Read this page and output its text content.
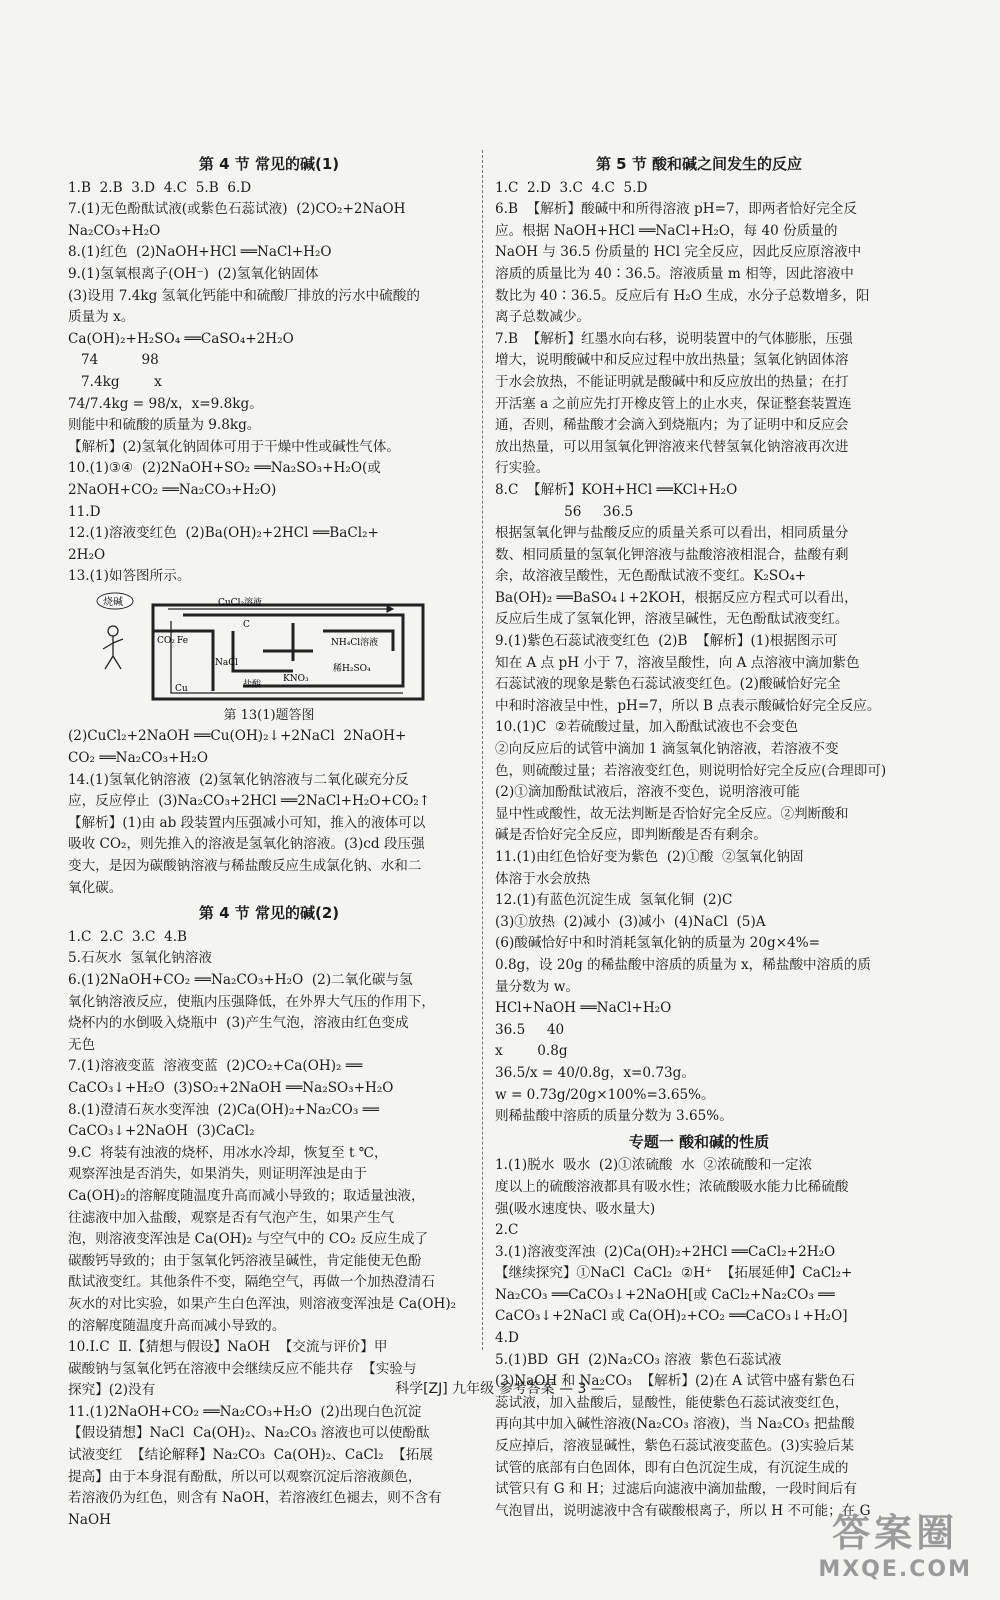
第 4 节 常见的碱(1)
1.B  2.B  3.D  4.C  5.B  6.D
7.(1)无色酚酞试液(或紫色石蕊试液)  (2)CO₂+2NaOH
Na₂CO₃+H₂O
8.(1)红色  (2)NaOH+HCl ══NaCl+H₂O
9.(1)氢氧根离子(OH⁻)  (2)氢氧化钠固体
(3)设用 7.4kg 氢氧化钙能中和硫酸厂排放的污水中硫酸的
质量为 x。
Ca(OH)₂+H₂SO₄ ══CaSO₄+2H₂O
74          98
7.4kg        x
74/7.4kg = 98/x，x=9.8kg。
则能中和硫酸的质量为 9.8kg。
【解析】(2)氢氧化钠固体可用于干燥中性或碱性气体。
10.(1)③④  (2)2NaOH+SO₂ ══Na₂SO₃+H₂O(或
2NaOH+CO₂ ══Na₂CO₃+H₂O)
11.D
12.(1)溶液变红色  (2)Ba(OH)₂+2HCl ══BaCl₂+
2H₂O
13.(1)如答图所示。
烧碱	CuCl₂溶液
C
CO₂ Fe	NH₄Cl溶液
NaCl
稀H₂SO₄
KNO₃
盐酸
Cu
第 13(1)题答图
(2)CuCl₂+2NaOH ══Cu(OH)₂↓+2NaCl  2NaOH+
CO₂ ══Na₂CO₃+H₂O
14.(1)氢氧化钠溶液  (2)氢氧化钠溶液与二氧化碳充分反
应，反应停止  (3)Na₂CO₃+2HCl ══2NaCl+H₂O+CO₂↑
【解析】(1)由 ab 段装置内压强减小可知，推入的液体可以
吸收 CO₂，则先推入的溶液是氢氧化钠溶液。(3)cd 段压强
变大，是因为碳酸钠溶液与稀盐酸反应生成氯化钠、水和二
氧化碳。
第 4 节 常见的碱(2)
1.C  2.C  3.C  4.B
5.石灰水  氢氧化钠溶液
6.(1)2NaOH+CO₂ ══Na₂CO₃+H₂O  (2)二氧化碳与氢
氧化钠溶液反应，使瓶内压强降低，在外界大气压的作用下，
烧杯内的水倒吸入烧瓶中  (3)产生气泡，溶液由红色变成
无色
7.(1)溶液变蓝  溶液变蓝  (2)CO₂+Ca(OH)₂ ══
CaCO₃↓+H₂O  (3)SO₂+2NaOH ══Na₂SO₃+H₂O
8.(1)澄清石灰水变浑浊  (2)Ca(OH)₂+Na₂CO₃ ══
CaCO₃↓+2NaOH  (3)CaCl₂
9.C  将装有浊液的烧杯，用冰水冷却，恢复至 t ℃，
观察浑浊是否消失，如果消失，则证明浑浊是由于
Ca(OH)₂的溶解度随温度升高而减小导致的；取适量浊液，
往滤液中加入盐酸，观察是否有气泡产生，如果产生气
泡，则溶液变浑浊是 Ca(OH)₂ 与空气中的 CO₂ 反应生成了
碳酸钙导致的；由于氢氧化钙溶液呈碱性，肯定能使无色酚
酞试液变红。其他条件不变，隔绝空气，再做一个加热澄清石
灰水的对比实验，如果产生白色浑浊，则溶液变浑浊是 Ca(OH)₂
的溶解度随温度升高而减小导致的。
10.Ⅰ.C  Ⅱ.【猜想与假设】NaOH  【交流与评价】甲
碳酸钠与氢氧化钙在溶液中会继续反应不能共存  【实验与
探究】(2)没有
11.(1)2NaOH+CO₂ ══Na₂CO₃+H₂O  (2)出现白色沉淀
【假设猜想】NaCl  Ca(OH)₂、Na₂CO₃ 溶液也可以使酚酞
试液变红  【结论解释】Na₂CO₃  Ca(OH)₂、CaCl₂  【拓展
提高】由于本身混有酚酞，所以可以观察沉淀后溶液颜色，
若溶液仍为红色，则含有 NaOH，若溶液红色褪去，则不含有
NaOH
第 5 节 酸和碱之间发生的反应
1.C  2.D  3.C  4.C  5.D
6.B  【解析】酸碱中和所得溶液 pH=7，即两者恰好完全反
应。根据 NaOH+HCl ══NaCl+H₂O，每 40 份质量的
NaOH 与 36.5 份质量的 HCl 完全反应，因此反应原溶液中
溶质的质量比为 40∶36.5。溶液质量 m 相等，因此溶液中
数比为 40∶36.5。反应后有 H₂O 生成，水分子总数增多，阳
离子总数减少。
7.B  【解析】红墨水向右移，说明装置中的气体膨胀，压强
增大，说明酸碱中和反应过程中放出热量；氢氧化钠固体溶
于水会放热，不能证明就是酸碱中和反应放出的热量；在打
开活塞 a 之前应先打开橡皮管上的止水夹，保证整套装置连
通，否则，稀盐酸才会滴入到烧瓶内；为了证明中和反应会
放出热量，可以用氢氧化钾溶液来代替氢氧化钠溶液再次进
行实验。
8.C  【解析】KOH+HCl ══KCl+H₂O
56     36.5
根据氢氧化钾与盐酸反应的质量关系可以看出，相同质量分
数、相同质量的氢氧化钾溶液与盐酸溶液相混合，盐酸有剩
余，故溶液呈酸性，无色酚酞试液不变红。K₂SO₄+
Ba(OH)₂ ══BaSO₄↓+2KOH，根据反应方程式可以看出，
反应后生成了氢氧化钾，溶液呈碱性，无色酚酞试液变红。
9.(1)紫色石蕊试液变红色  (2)B  【解析】(1)根据图示可
知在 A 点 pH 小于 7，溶液呈酸性，向 A 点溶液中滴加紫色
石蕊试液的现象是紫色石蕊试液变红色。(2)酸碱恰好完全
中和时溶液呈中性，pH=7，所以 B 点表示酸碱恰好完全反应。
10.(1)C  ②若硫酸过量，加入酚酞试液也不会变色
②向反应后的试管中滴加 1 滴氢氧化钠溶液，若溶液不变
色，则硫酸过量；若溶液变红色，则说明恰好完全反应(合理即可)
(2)①滴加酚酞试液后，溶液不变色，说明溶液可能
显中性或酸性，故无法判断是否恰好完全反应。②判断酸和
碱是否恰好完全反应，即判断酸是否有剩余。
11.(1)由红色恰好变为紫色  (2)①酸  ②氢氧化钠固
体溶于水会放热
12.(1)有蓝色沉淀生成  氢氧化铜  (2)C
(3)①放热  (2)减小  (3)减小  (4)NaCl  (5)A
(6)酸碱恰好中和时消耗氢氧化钠的质量为 20g×4%=
0.8g，设 20g 的稀盐酸中溶质的质量为 x，稀盐酸中溶质的质
量分数为 w。
HCl+NaOH ══NaCl+H₂O
36.5     40
x        0.8g
36.5/x = 40/0.8g，x=0.73g。
w = 0.73g/20g×100%=3.65%。
则稀盐酸中溶质的质量分数为 3.65%。
专题一 酸和碱的性质
1.(1)脱水  吸水  (2)①浓硫酸  水  ②浓硫酸和一定浓
度以上的硫酸溶液都具有吸水性；浓硫酸吸水能力比稀硫酸
强(吸水速度快、吸水量大)
2.C
3.(1)溶液变浑浊  (2)Ca(OH)₂+2HCl ══CaCl₂+2H₂O
【继续探究】①NaCl  CaCl₂  ②H⁺  【拓展延伸】CaCl₂+
Na₂CO₃ ══CaCO₃↓+2NaOH[或 CaCl₂+Na₂CO₃ ══
CaCO₃↓+2NaCl 或 Ca(OH)₂+CO₂ ══CaCO₃↓+H₂O]
4.D
5.(1)BD  GH  (2)Na₂CO₃ 溶液  紫色石蕊试液
(3)NaOH 和 Na₂CO₃  【解析】(2)在 A 试管中盛有紫色石
蕊试液，加入盐酸后，显酸性，能使紫色石蕊试液变红色，
再向其中加入碱性溶液(Na₂CO₃ 溶液)，当 Na₂CO₃ 把盐酸
反应掉后，溶液显碱性，紫色石蕊试液变蓝色。(3)实验后某
试管的底部有白色固体，即有白色沉淀生成，有沉淀生成的
试管只有 G 和 H；过滤后向滤液中滴加盐酸，一段时间后有
气泡冒出，说明滤液中含有碳酸根离子，所以 H 不可能；在 G
科学[ZJ] 九年级 参考答案 — 3 —
答案圈
MXQE.COM
